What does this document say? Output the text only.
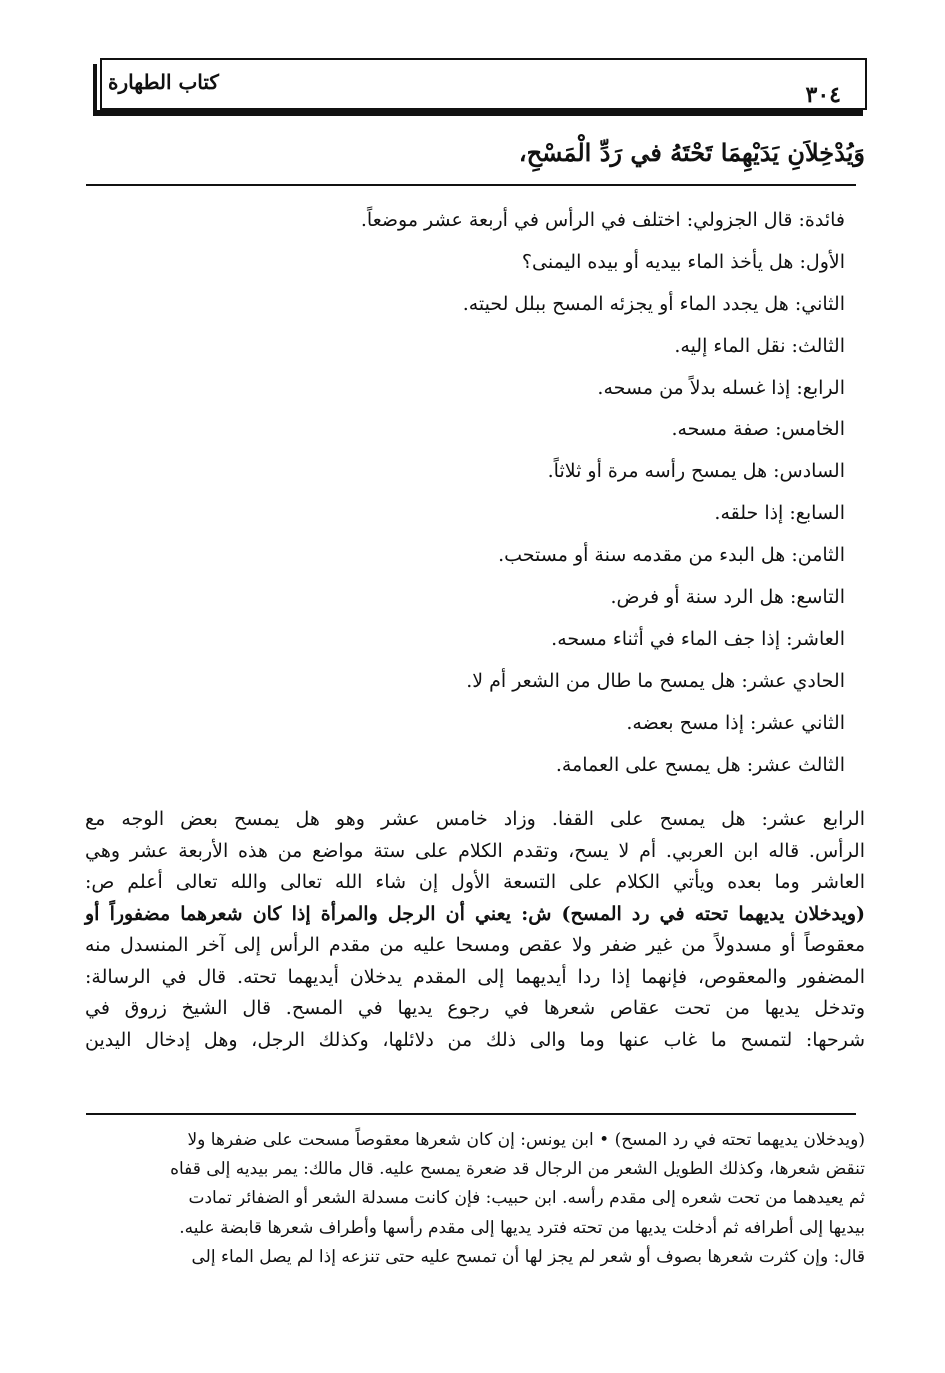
٣٠٤
كتاب الطهارة
وَيُدْخِلاَنِ يَدَيْهِمَا تَحْتَهُ في رَدِّ الْمَسْحِ،
فائدة: قال الجزولي: اختلف في الرأس في أربعة عشر موضعاً.
الأول: هل يأخذ الماء بيديه أو بيده اليمنى؟
الثاني: هل يجدد الماء أو يجزئه المسح ببلل لحيته.
الثالث: نقل الماء إليه.
الرابع: إذا غسله بدلاً من مسحه.
الخامس: صفة مسحه.
السادس: هل يمسح رأسه مرة أو ثلاثاً.
السابع: إذا حلقه.
الثامن: هل البدء من مقدمه سنة أو مستحب.
التاسع: هل الرد سنة أو فرض.
العاشر: إذا جف الماء في أثناء مسحه.
الحادي عشر: هل يمسح ما طال من الشعر أم لا.
الثاني عشر: إذا مسح بعضه.
الثالث عشر: هل يمسح على العمامة.
الرابع عشر: هل يمسح على القفا. وزاد خامس عشر وهو هل يمسح بعض الوجه مع
الرأس. قاله ابن العربي. أم لا يسح، وتقدم الكلام على ستة مواضع من هذه الأربعة عشر وهي
العاشر وما بعده ويأتي الكلام على التسعة الأول إن شاء الله تعالى والله تعالى أعلم ص:
(ويدخلان يديهما تحته في رد المسح) ش: يعني أن الرجل والمرأة إذا كان شعرهما مضفوراً أو
معقوصاً أو مسدولاً من غير ضفر ولا عقص ومسحا عليه من مقدم الرأس إلى آخر المنسدل منه
المضفور والمعقوص، فإنهما إذا ردا أيديهما إلى المقدم يدخلان أيديهما تحته. قال في الرسالة:
وتدخل يديها من تحت عقاص شعرها في رجوع يديها في المسح. قال الشيخ زروق في
شرحها: لتمسح ما غاب عنها وما والى ذلك من دلائلها، وكذلك الرجل، وهل إدخال اليدين
(ويدخلان يديهما تحته في رد المسح) • ابن يونس: إن كان شعرها معقوصاً مسحت على ضفرها ولا
تنقض شعرها، وكذلك الطويل الشعر من الرجال قد ضعرة يمسح عليه. قال مالك: يمر بيديه إلى قفاه
ثم يعيدهما من تحت شعره إلى مقدم رأسه. ابن حبيب: فإن كانت مسدلة الشعر أو الضفائر تمادت
بيديها إلى أطرافه ثم أدخلت يديها من تحته فترد يديها إلى مقدم رأسها وأطراف شعرها قابضة عليه.
قال: وإن كثرت شعرها بصوف أو شعر لم يجز لها أن تمسح عليه حتى تنزعه إذا لم يصل الماء إلى
